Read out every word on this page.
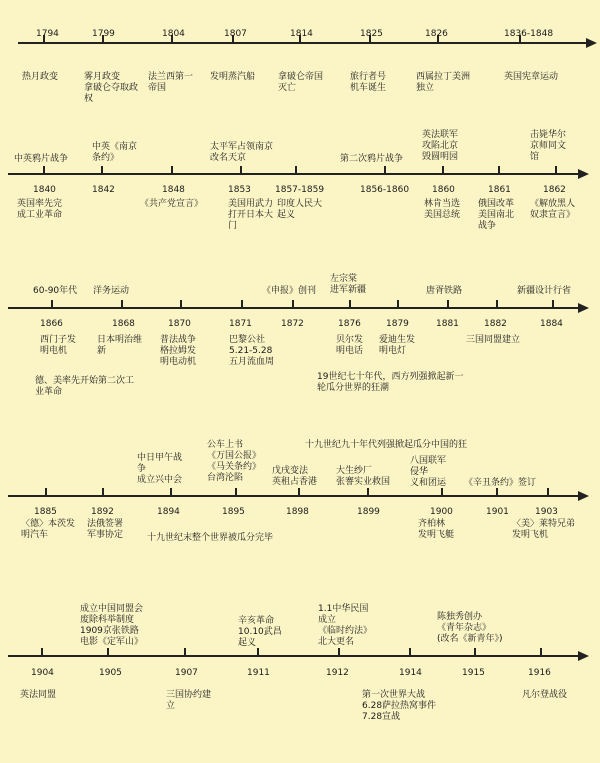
1794	1799	1804	1807	1814	1825	1826	1836-1848
热月政变	雾月政变
拿破仑夺取政
权
法兰西第一
帝国
发明蒸汽船	拿破仑帝国
灭亡
旅行者号
机车诞生
西属拉丁美洲
独立
英国宪章运动
1840	1842	1848	1853	1857-1859	1856-1860	1860	1861	1862
中英鸦片战争
中英《南京
条约》
英国率先完
成工业革命
《共产党宣言》
太平军占领南京
改名天京
美国用武力
打开日本大
门
印度人民大
起义
第二次鸦片战争
英法联军
攻陷北京
毁圆明园
林肯当选
美国总统
俄国改革
美国南北
战争
击毙华尔
京师同文
馆
《解放黑人
奴隶宣言》
1866	1868	1870	1871	1872	1876	1879	1881	1882	1884
60-90年代 洋务运动	《申报》创刊
左宗棠
进军新疆	唐胥铁路	新疆设计行省
西门子发
明电机
日本明治维
新
普法战争
格拉姆发
明电动机
巴黎公社
5.21-5.28
五月流血周
贝尔发
明电话
爱迪生发
明电灯
三国同盟建立
德、美率先开始第二次工
业革命
19世纪七十年代，西方列强掀起新一
轮瓜分世界的狂潮
1885	1892	1894	1895	1898	1899	1900	1901	1903
中日甲午战
争
成立兴中会
公车上书
《万国公报》
《马关条约》
台湾沦陷
十九世纪九十年代列强掀起瓜分中国的狂
戊戌变法
英租占香港
大生纱厂
张謇实业救国
八国联军
侵华
义和团运 《辛丑条约》签订
〈德〉本茨发
明汽车
法俄签署
军事协定	十九世纪末整个世界被瓜分完毕
齐柏林
发明飞艇
〈美〉莱特兄弟
发明飞机
1904	1905	1907	1911	1912	1914	1915	1916
成立中国同盟会
废除科举制度
1909京张铁路
电影《定军山》
辛亥革命
10.10武昌
起义
1.1中华民国
成立
《临时约法》
北大更名
陈独秀创办
《青年杂志》
(改名《新青年》)
英法同盟	三国协约建
立
第一次世界大战
6.28萨拉热窝事件
7.28宣战
凡尔登战役
